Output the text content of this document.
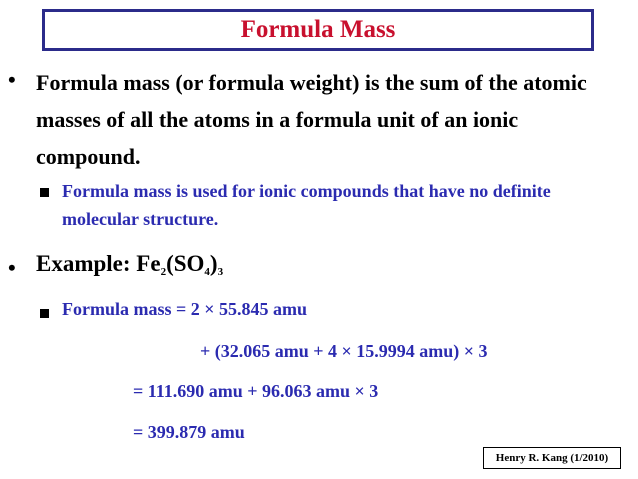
Formula Mass
• Formula mass (or formula weight) is the sum of the atomic masses of all the atoms in a formula unit of an ionic compound.
Formula mass is used for ionic compounds that have no definite molecular structure.
• Example: $Fe_2(SO_4)_3$
Formula mass = 2 × 55.845 amu
+ (32.065 amu + 4 × 15.9994 amu) × 3
= 111.690 amu + 96.063 amu × 3
= 399.879 amu
Henry R. Kang (1/2010)
